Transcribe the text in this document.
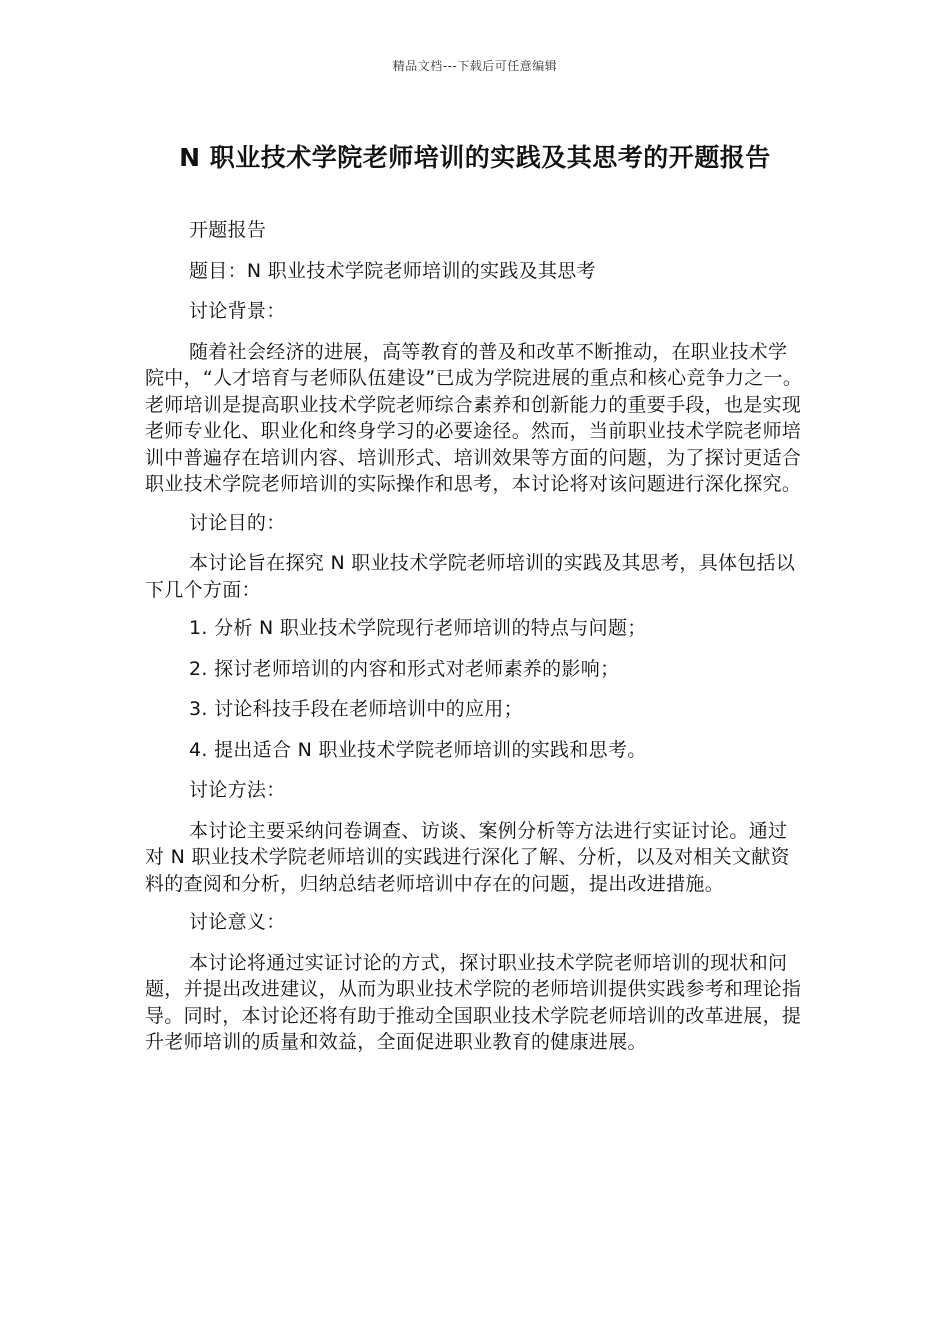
精品文档---下载后可任意编辑
N 职业技术学院老师培训的实践及其思考的开题报告

开题报告

题目：N 职业技术学院老师培训的实践及其思考

讨论背景：

随着社会经济的进展，高等教育的普及和改革不断推动，在职业技术学院中，“人才培育与老师队伍建设”已成为学院进展的重点和核心竞争力之一。老师培训是提高职业技术学院老师综合素养和创新能力的重要手段，也是实现老师专业化、职业化和终身学习的必要途径。然而，当前职业技术学院老师培训中普遍存在培训内容、培训形式、培训效果等方面的问题，为了探讨更适合职业技术学院老师培训的实际操作和思考，本讨论将对该问题进行深化探究。

讨论目的：

本讨论旨在探究 N 职业技术学院老师培训的实践及其思考，具体包括以下几个方面：

1. 分析 N 职业技术学院现行老师培训的特点与问题；

2. 探讨老师培训的内容和形式对老师素养的影响；

3. 讨论科技手段在老师培训中的应用；

4. 提出适合 N 职业技术学院老师培训的实践和思考。

讨论方法：

本讨论主要采纳问卷调查、访谈、案例分析等方法进行实证讨论。通过对 N 职业技术学院老师培训的实践进行深化了解、分析，以及对相关文献资料的查阅和分析，归纳总结老师培训中存在的问题，提出改进措施。

讨论意义：

本讨论将通过实证讨论的方式，探讨职业技术学院老师培训的现状和问题，并提出改进建议，从而为职业技术学院的老师培训提供实践参考和理论指导。同时，本讨论还将有助于推动全国职业技术学院老师培训的改革进展，提升老师培训的质量和效益，全面促进职业教育的健康进展。
